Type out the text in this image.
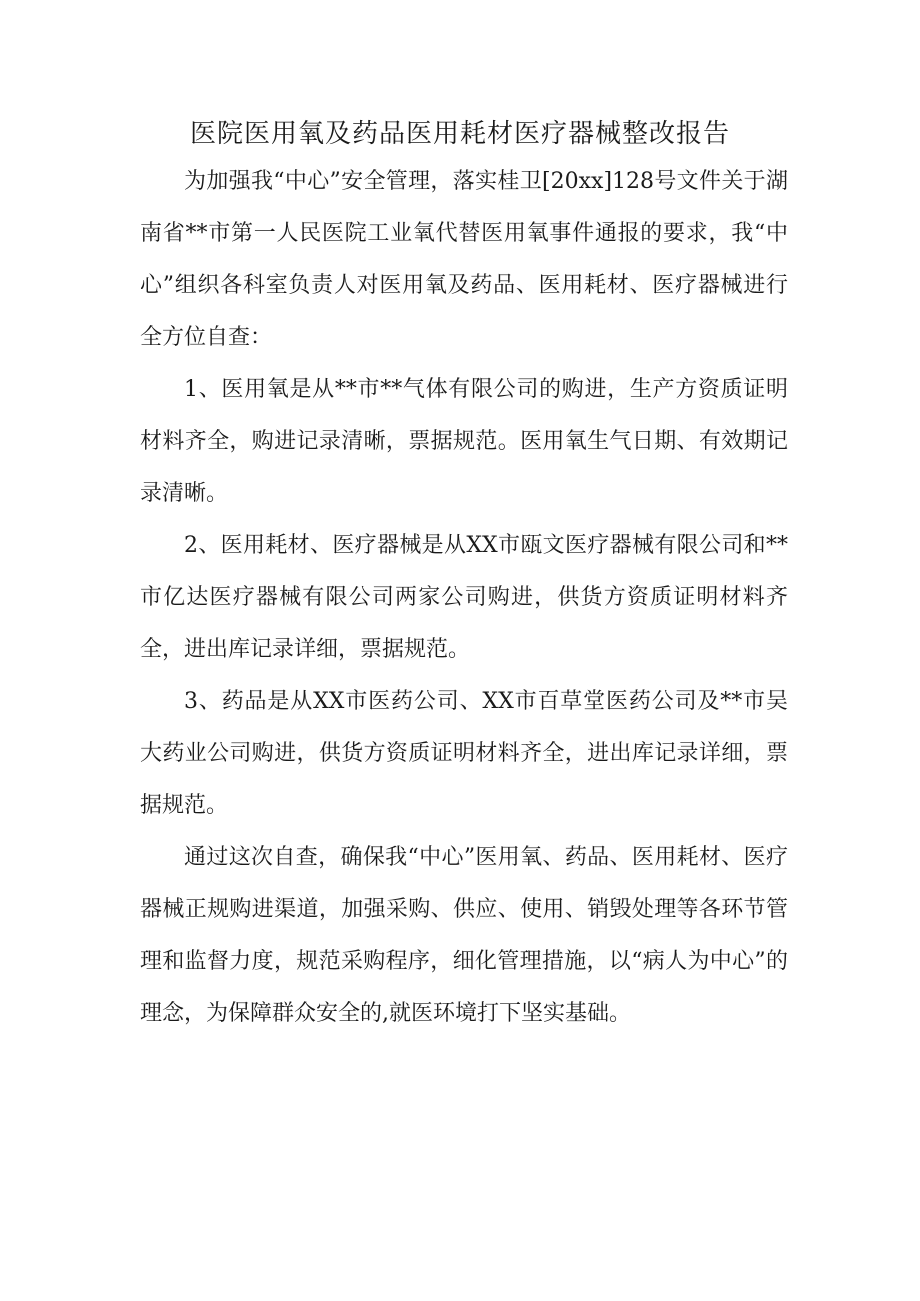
医院医用氧及药品医用耗材医疗器械整改报告

为加强我“中心”安全管理，落实桂卫[20xx]128号文件关于湖南省**市第一人民医院工业氧代替医用氧事件通报的要求，我“中心”组织各科室负责人对医用氧及药品、医用耗材、医疗器械进行全方位自查：

1、医用氧是从**市**气体有限公司的购进，生产方资质证明材料齐全，购进记录清晰，票据规范。医用氧生气日期、有效期记录清晰。

2、医用耗材、医疗器械是从XX市瓯文医疗器械有限公司和**市亿达医疗器械有限公司两家公司购进，供货方资质证明材料齐全，进出库记录详细，票据规范。

3、药品是从XX市医药公司、XX市百草堂医药公司及**市吴大药业公司购进，供货方资质证明材料齐全，进出库记录详细，票据规范。

通过这次自查，确保我“中心”医用氧、药品、医用耗材、医疗器械正规购进渠道，加强采购、供应、使用、销毁处理等各环节管理和监督力度，规范采购程序，细化管理措施，以“病人为中心”的理念，为保障群众安全的,就医环境打下坚实基础。
